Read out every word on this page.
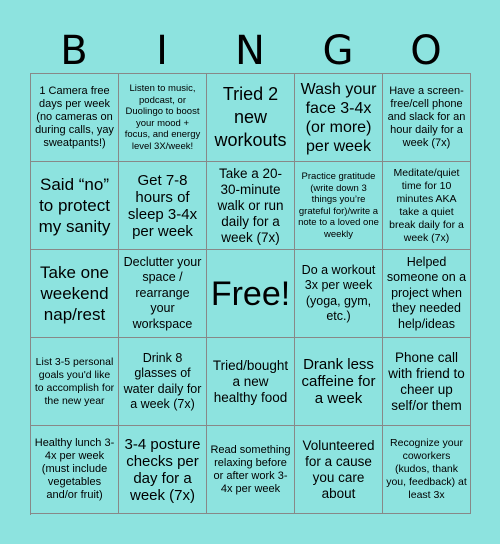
B	I	N	G	O
1 Camera free days per week (no cameras on during calls, yay sweatpants!)
Listen to music, podcast, or Duolingo to boost your mood + focus, and energy level 3X/week!
Tried 2 new workouts
Wash your face 3-4x (or more) per week
Have a screen-free/cell phone and slack for an hour daily for a week (7x)
Said “no” to protect my sanity
Get 7-8 hours of sleep 3-4x per week
Take a 20-30-minute walk or run daily for a week (7x)
Practice gratitude (write down 3 things you’re grateful for)/write a note to a loved one weekly
Meditate/quiet time for 10 minutes AKA take a quiet break daily for a week (7x)
Take one weekend nap/rest
Declutter your space / rearrange your workspace
Free!
Do a workout 3x per week (yoga, gym, etc.)
Helped someone on a project when they needed help/ideas
List 3-5 personal goals you'd like to accomplish for the new year
Drink 8 glasses of water daily for a week (7x)
Tried/bought a new healthy food
Drank less caffeine for a week
Phone call with friend to cheer up self/or them
Healthy lunch 3-4x per week (must include vegetables and/or fruit)
3-4 posture checks per day for a week (7x)
Read something relaxing before or after work 3-4x per week
Volunteered for a cause you care about
Recognize your coworkers (kudos, thank you, feedback) at least 3x
